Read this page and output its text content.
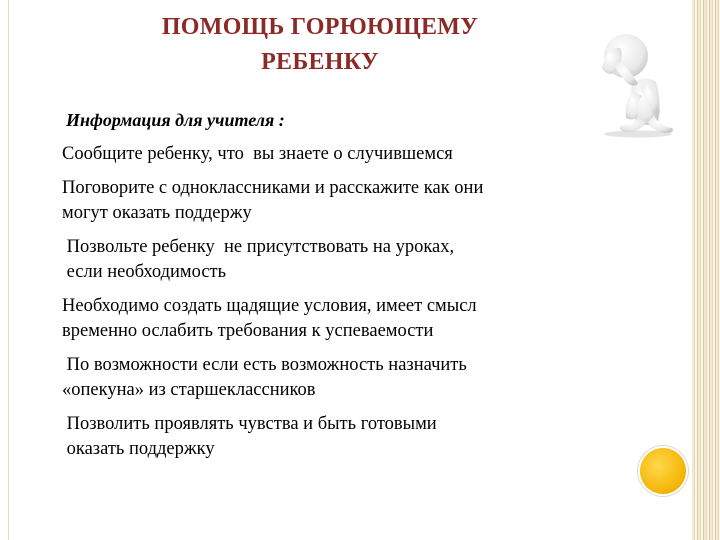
ПОМОЩЬ ГОРЮЮЩЕМУ
РЕБЕНКУ
Информация для учителя :
Сообщите ребенку, что  вы знаете о случившемся
Поговорите с одноклассниками и расскажите как они
могут оказать поддержу
Позвольте ребенку  не присутствовать на уроках,
если необходимость
Необходимо создать щадящие условия, имеет смысл
временно ослабить требования к успеваемости
По возможности если есть возможность назначить
«опекуна» из старшеклассников
Позволить проявлять чувства и быть готовыми
оказать поддержку
